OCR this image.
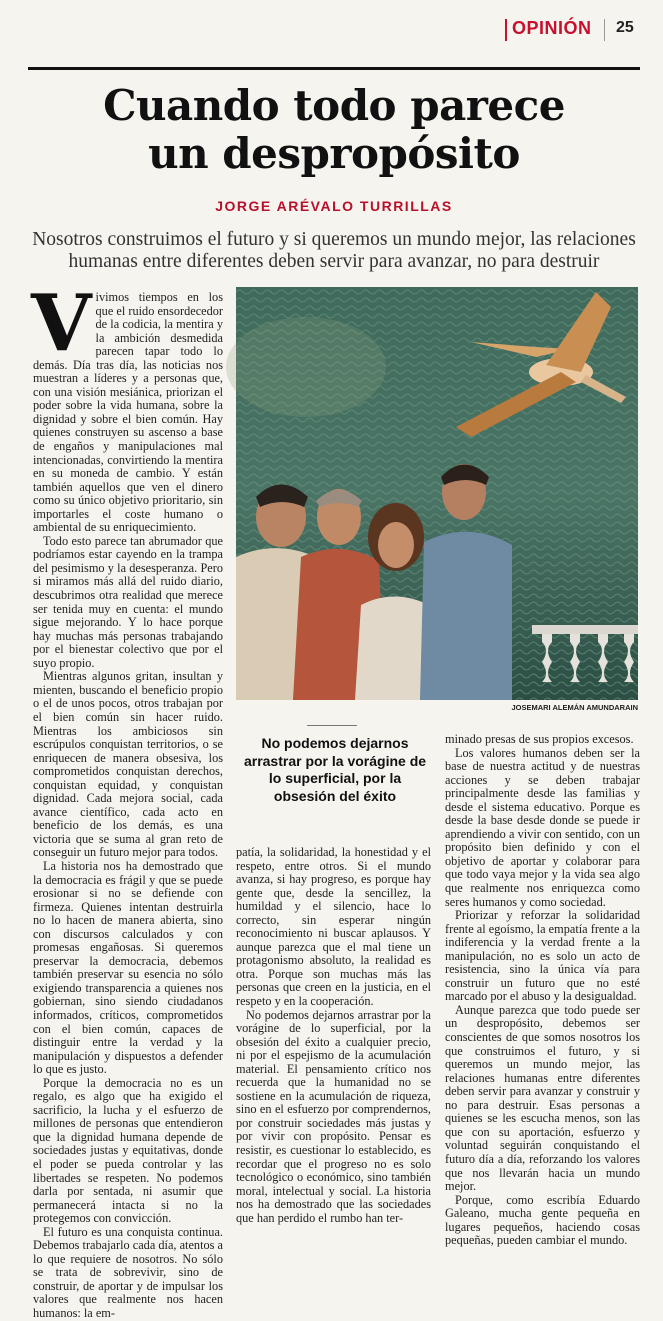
OPINIÓN 25
Cuando todo parece
un despropósito
JORGE ARÉVALO TURRILLAS
Nosotros construimos el futuro y si queremos un mundo mejor, las relaciones humanas entre diferentes deben servir para avanzar, no para destruir

Vivimos tiempos en los que el ruido ensordecedor de la codicia, la mentira y la ambición desmedida parecen tapar todo lo demás. Día tras día, las noticias nos muestran a líderes y a personas que, con una visión mesiánica, priorizan el poder sobre la vida humana, sobre la dignidad y sobre el bien común. Hay quienes construyen su ascenso a base de engaños y manipulaciones mal intencionadas, convirtiendo la mentira en su moneda de cambio. Y están también aquellos que ven el dinero como su único objetivo prioritario, sin importarles el coste humano o ambiental de su enriquecimiento.

Todo esto parece tan abrumador que podríamos estar cayendo en la trampa del pesimismo y la desesperanza. Pero si miramos más allá del ruido diario, descubrimos otra realidad que merece ser tenida muy en cuenta: el mundo sigue mejorando. Y lo hace porque hay muchas más personas trabajando por el bienestar colectivo que por el suyo propio.

Mientras algunos gritan, insultan y mienten, buscando el beneficio propio o el de unos pocos, otros trabajan por el bien común sin hacer ruido. Mientras los ambiciosos sin escrúpulos conquistan territorios, o se enriquecen de manera obsesiva, los comprometidos conquistan derechos, conquistan equidad, y conquistan dignidad. Cada mejora social, cada avance científico, cada acto en beneficio de los demás, es una victoria que se suma al gran reto de conseguir un futuro mejor para todos.

La historia nos ha demostrado que la democracia es frágil y que se puede erosionar si no se defiende con firmeza. Quienes intentan destruirla no lo hacen de manera abierta, sino con discursos calculados y con promesas engañosas. Si queremos preservar la democracia, debemos también preservar su esencia no sólo exigiendo transparencia a quienes nos gobiernan, sino siendo ciudadanos informados, críticos, comprometidos con el bien común, capaces de distinguir entre la verdad y la manipulación y dispuestos a defender lo que es justo.

Porque la democracia no es un regalo, es algo que ha exigido el sacrificio, la lucha y el esfuerzo de millones de personas que entendieron que la dignidad humana depende de sociedades justas y equitativas, donde el poder se pueda controlar y las libertades se respeten. No podemos darla por sentada, ni asumir que permanecerá intacta si no la protegemos con convicción.

El futuro es una conquista continua. Debemos trabajarlo cada día, atentos a lo que requiere de nosotros. No sólo se trata de sobrevivir, sino de construir, de aportar y de impulsar los valores que realmente nos hacen humanos: la em-

JOSEMARI ALEMÁN AMUNDARAIN
No podemos dejarnos arrastrar por la vorágine de lo superficial, por la obsesión del éxito

patía, la solidaridad, la honestidad y el respeto, entre otros. Si el mundo avanza, si hay progreso, es porque hay gente que, desde la sencillez, la humildad y el silencio, hace lo correcto, sin esperar ningún reconocimiento ni buscar aplausos. Y aunque parezca que el mal tiene un protagonismo absoluto, la realidad es otra. Porque son muchas más las personas que creen en la justicia, en el respeto y en la cooperación.

No podemos dejarnos arrastrar por la vorágine de lo superficial, por la obsesión del éxito a cualquier precio, ni por el espejismo de la acumulación material. El pensamiento crítico nos recuerda que la humanidad no se sostiene en la acumulación de riqueza, sino en el esfuerzo por comprendernos, por construir sociedades más justas y por vivir con propósito. Pensar es resistir, es cuestionar lo establecido, es recordar que el progreso no es solo tecnológico o económico, sino también moral, intelectual y social. La historia nos ha demostrado que las sociedades que han perdido el rumbo han ter-

minado presas de sus propios excesos.

Los valores humanos deben ser la base de nuestra actitud y de nuestras acciones y se deben trabajar principalmente desde las familias y desde el sistema educativo. Porque es desde la base desde donde se puede ir aprendiendo a vivir con sentido, con un propósito bien definido y con el objetivo de aportar y colaborar para que todo vaya mejor y la vida sea algo que realmente nos enriquezca como seres humanos y como sociedad.

Priorizar y reforzar la solidaridad frente al egoísmo, la empatía frente a la indiferencia y la verdad frente a la manipulación, no es solo un acto de resistencia, sino la única vía para construir un futuro que no esté marcado por el abuso y la desigualdad.

Aunque parezca que todo puede ser un despropósito, debemos ser conscientes de que somos nosotros los que construimos el futuro, y si queremos un mundo mejor, las relaciones humanas entre diferentes deben servir para avanzar y construir y no para destruir. Esas personas a quienes se les escucha menos, son las que con su aportación, esfuerzo y voluntad seguirán conquistando el futuro día a día, reforzando los valores que nos llevarán hacia un mundo mejor.

Porque, como escribía Eduardo Galeano, mucha gente pequeña en lugares pequeños, haciendo cosas pequeñas, pueden cambiar el mundo.
